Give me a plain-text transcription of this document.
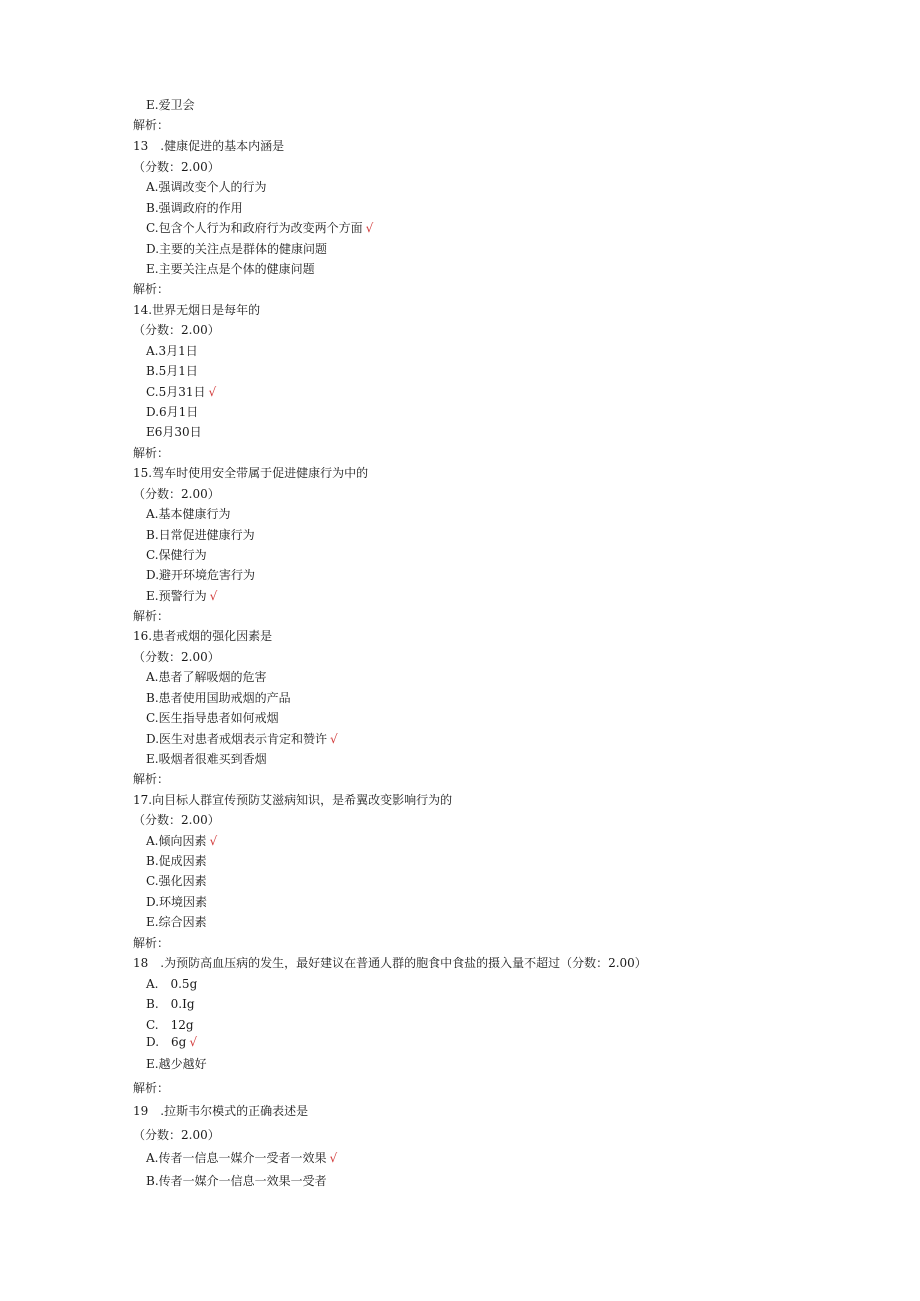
E.爱卫会
解析：
13　.健康促进的基本内涵是
（分数：2.00）
A.强调改变个人的行为
B.强调政府的作用
C.包含个人行为和政府行为改变两个方面 √
D.主要的关注点是群体的健康问题
E.主要关注点是个体的健康问题
解析：
14.世界无烟日是每年的
（分数：2.00）
A.3月1日
B.5月1日
C.5月31日 √
D.6月1日
E6月30日
解析：
15.驾车时使用安全带属于促进健康行为中的
（分数：2.00）
A.基本健康行为
B.日常促进健康行为
C.保健行为
D.避开环境危害行为
E.预警行为 √
解析：
16.患者戒烟的强化因素是
（分数：2.00）
A.患者了解吸烟的危害
B.患者使用国助戒烟的产品
C.医生指导患者如何戒烟
D.医生对患者戒烟表示肯定和赞许 √
E.吸烟者很难买到香烟
解析：
17.向目标人群宣传预防艾滋病知识，是希翼改变影响行为的
（分数：2.00）
A.倾向因素 √
B.促成因素
C.强化因素
D.环境因素
E.综合因素
解析：
18　.为预防高血压病的发生，最好建议在普通人群的胞食中食盐的摄入量不超过（分数：2.00）
A.　0.5g
B.　0.Ig
C.　12g
D.　6g √
E.越少越好
解析：
19　.拉斯韦尔模式的正确表述是
（分数：2.00）
A.传者一信息一媒介一受者一效果 √
B.传者一媒介一信息一效果一受者
